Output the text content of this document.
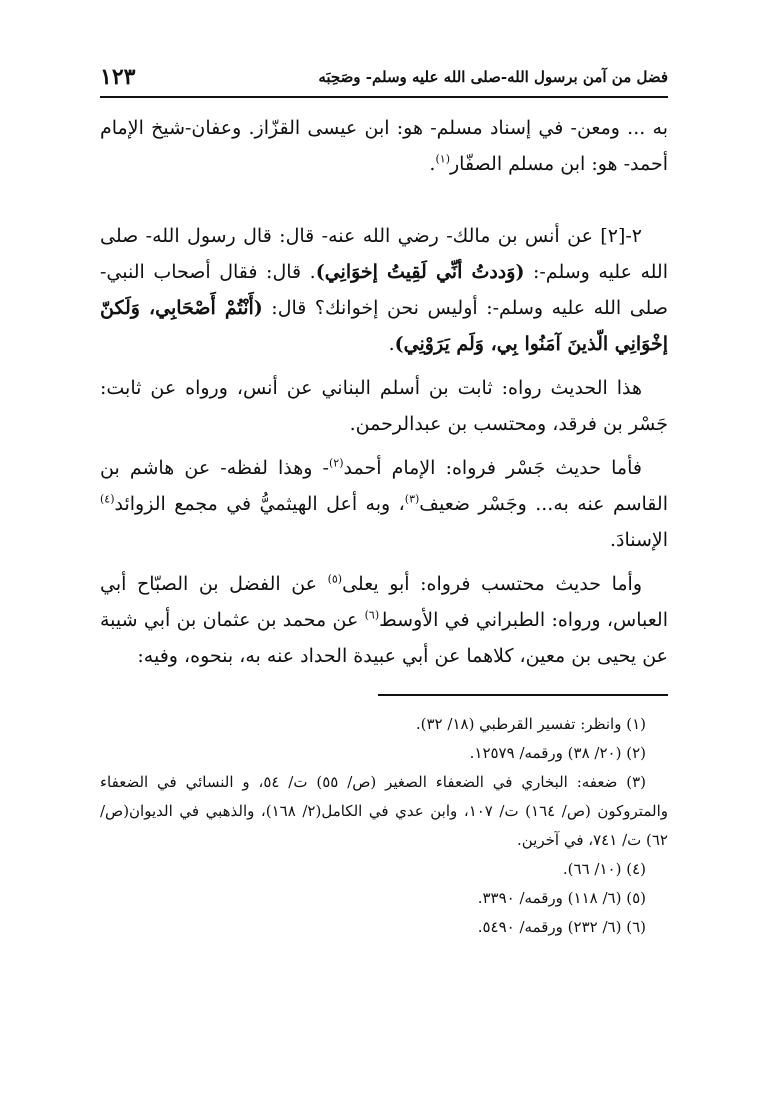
فضل من آمن برسول الله-صلى الله عليه وسلم- وصَحِبَه
١٢٣

به ... ومعن- في إسناد مسلم- هو: ابن عيسى القزّاز. وعفان-شيخ الإمام أحمد- هو: ابن مسلم الصفّار$^{(١)}$.

٢-[٢] عن أنس بن مالك- رضي الله عنه- قال: قال رسول الله- صلى الله عليه وسلم-: (وَددتُ أنِّي لَقِيتُ إخوَانِي). قال: فقال أصحاب النبي- صلى الله عليه وسلم-: أوليس نحن إخوانك؟ قال: (أَنْتُمْ أَصْحَابِي، وَلَكنّ إخْوَانِي الّذينَ آمَنُوا بِي، وَلَم يَرَوْنِي).

هذا الحديث رواه: ثابت بن أسلم البناني عن أنس، ورواه عن ثابت: جَسْر بن فرقد، ومحتسب بن عبدالرحمن.

فأما حديث جَسْر فرواه: الإمام أحمد$^{(٢)}$- وهذا لفظه- عن هاشم بن القاسم عنه به... وجَسْر ضعيف$^{(٣)}$، وبه أعل الهيثميُّ في مجمع الزوائد$^{(٤)}$ الإسنادَ.

وأما حديث محتسب فرواه: أبو يعلى$^{(٥)}$ عن الفضل بن الصبّاح أبي العباس، ورواه: الطبراني في الأوسط$^{(٦)}$ عن محمد بن عثمان بن أبي شيبة عن يحيى بن معين، كلاهما عن أبي عبيدة الحداد عنه به، بنحوه، وفيه:

(١) وانظر: تفسير القرطبي (١٨/ ٣٢).

(٢) (٢٠/ ٣٨) ورقمه/ ١٢٥٧٩.

(٣) ضعفه: البخاري في الضعفاء الصغير (ص/ ٥٥) ت/ ٥٤، و النسائي في الضعفاء والمتروكون (ص/ ١٦٤) ت/ ١٠٧، وابن عدي في الكامل(٢/ ١٦٨)، والذهبي في الديوان(ص/ ٦٢) ت/ ٧٤١، في آخرين.

(٤) (١٠/ ٦٦).

(٥) (٦/ ١١٨) ورقمه/ ٣٣٩٠.

(٦) (٦/ ٢٣٢) ورقمه/ ٥٤٩٠.
